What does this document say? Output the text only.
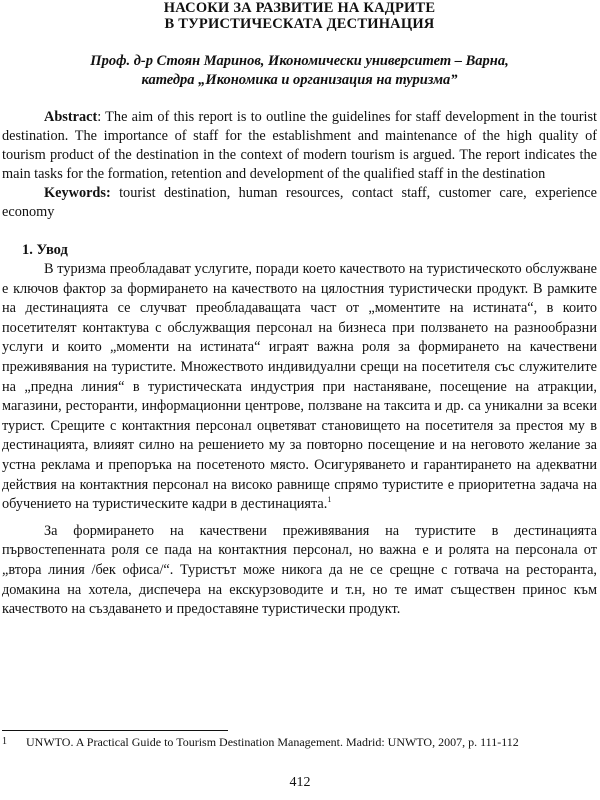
НАСОКИ ЗА РАЗВИТИЕ НА КАДРИТЕ
В ТУРИСТИЧЕСКАТА ДЕСТИНАЦИЯ

Проф. д-р Стоян Маринов, Икономически университет – Варна,
катедра „Икономика и организация на туризма”

Abstract: The aim of this report is to outline the guidelines for staff development in the tourist destination. The importance of staff for the establishment and maintenance of the high quality of tourism product of the destination in the context of modern tourism is argued. The report indicates the main tasks for the formation, retention and development of the qualified staff in the destination

Keywords: tourist destination, human resources, contact staff, customer care, experience economy

1. Увод

В туризма преобладават услугите, поради което качеството на туристическото обслужване е ключов фактор за формирането на качеството на цялостния туристически продукт. В рамките на дестинацията се случват преобладаващата част от „моментите на истината“, в които посетителят контактува с обслужващия персонал на бизнеса при ползването на разнообразни услуги и които „моменти на истината“ играят важна роля за формирането на качествени преживявания на туристите. Множеството индивидуални срещи на посетителя със служителите на „предна линия“ в туристическата индустрия при настаняване, посещение на атракции, магазини, ресторанти, информационни центрове, ползване на таксита и др. са уникални за всеки турист. Срещите с контактния персонал оцветяват становището на посетителя за престоя му в дестинацията, влияят силно на решението му за повторно посещение и на неговото желание за устна реклама и препоръка на посетеното място. Осигуряването и гарантирането на адекватни действия на контактния персонал на високо равнище спрямо туристите е приоритетна задача на обучението на туристическите кадри в дестинацията.$^1$

За формирането на качествени преживявания на туристите в дестинацията първостепенната роля се пада на контактния персонал, но важна е и ролята на персонала от „втора линия /бек офиса/“. Туристът може никога да не се срещне с готвача на ресторанта, домакина на хотела, диспечера на екскурзоводите и т.н, но те имат съществен принос към качеството на създаването и предоставяне туристически продукт.

1 UNWTO. A Practical Guide to Tourism Destination Management. Madrid: UNWTO, 2007, p. 111-112
412
